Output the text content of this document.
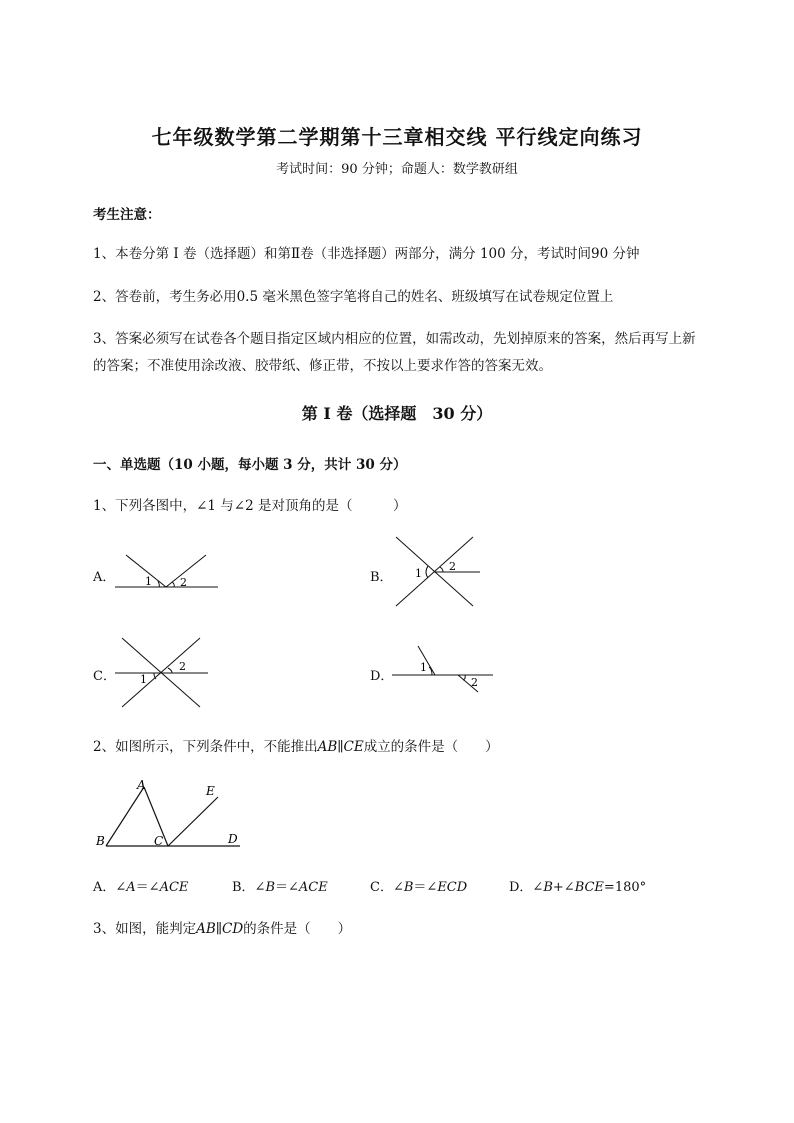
七年级数学第二学期第十三章相交线 平行线定向练习
考试时间：90 分钟；命题人：数学教研组
考生注意：
1、本卷分第 I 卷（选择题）和第Ⅱ卷（非选择题）两部分，满分 100 分，考试时间90 分钟
2、答卷前，考生务必用0.5 毫米黑色签字笔将自己的姓名、班级填写在试卷规定位置上
3、答案必须写在试卷各个题目指定区域内相应的位置，如需改动，先划掉原来的答案，然后再写上新
的答案；不准使用涂改液、胶带纸、修正带，不按以上要求作答的答案无效。
第 I 卷（选择题　30 分）
一、单选题（10 小题，每小题 3 分，共计 30 分）
1、下列各图中，∠1 与∠2 是对顶角的是（　　　）
A．	B．
C．	D．
1	2
1
2
2
1
1
2
2、如图所示，下列条件中，不能推出AB∥CE成立的条件是（　　）
A
B	C	D
E
A．∠A＝∠ACE	B．∠B＝∠ACE	C．∠B＝∠ECD	D．∠B+∠BCE=180°
3、如图，能判定AB∥CD的条件是（　　）
